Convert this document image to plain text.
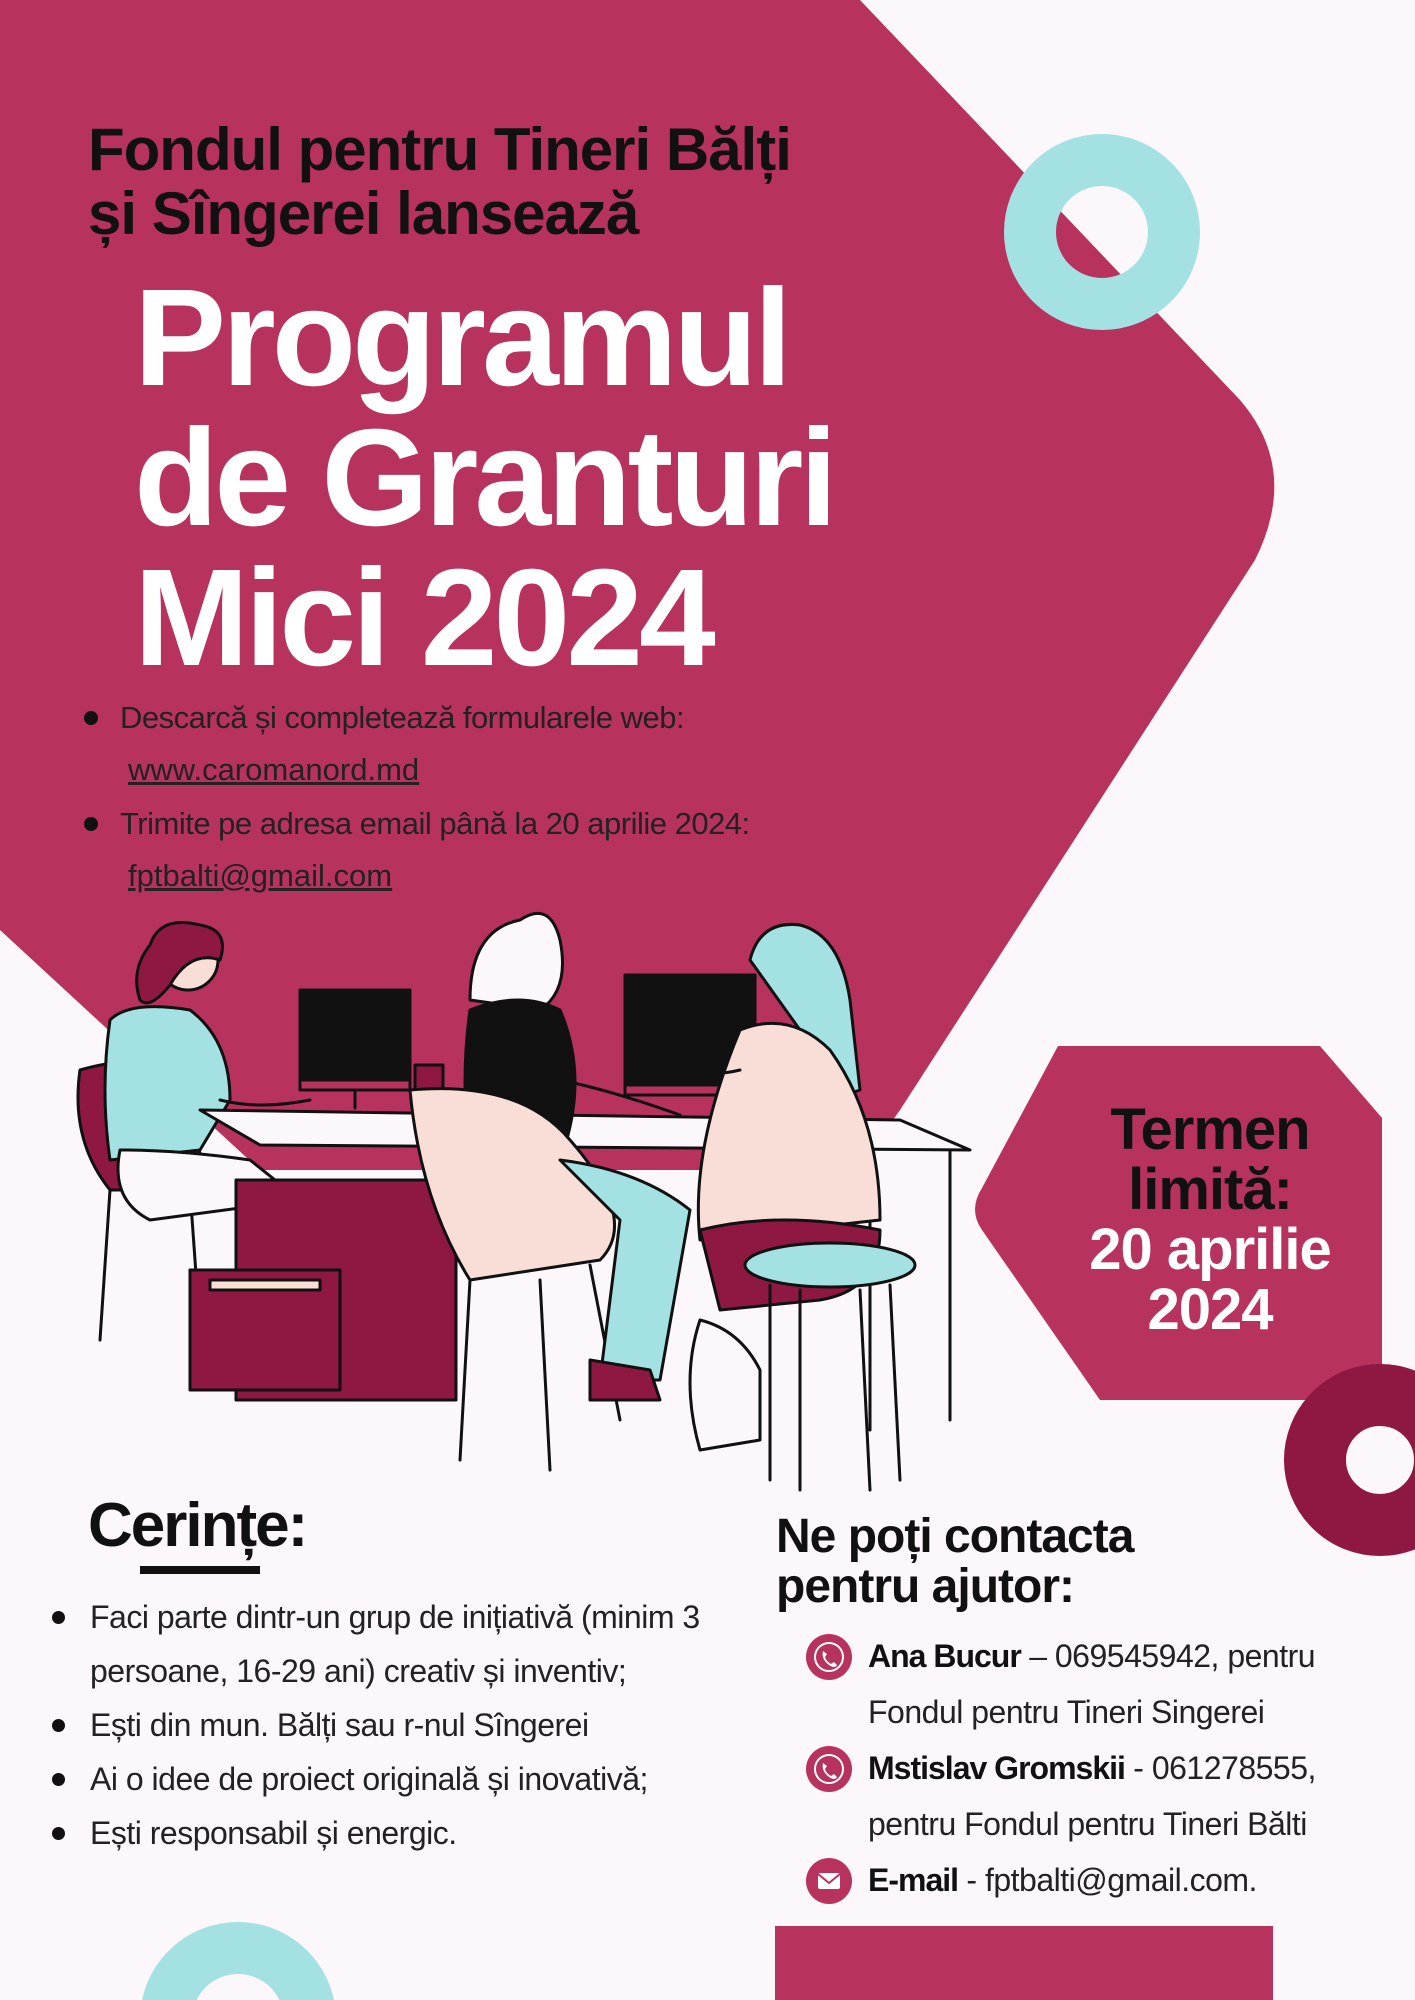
Fondul pentru Tineri Bălți
și Sîngerei lansează
Programul
de Granturi
Mici 2024
Descarcă și completează formularele web:
www.caromanord.md
Trimite pe adresa email până la 20 aprilie 2024:
fptbalti@gmail.com
Termen
limită:
20 aprilie
2024
Cerințe:
Faci parte dintr-un grup de inițiativă (minim 3 persoane, 16-29 ani) creativ și inventiv;
Ești din mun. Bălți sau r-nul Sîngerei
Ai o idee de proiect originală și inovativă;
Ești responsabil și energic.
Ne poți contacta
pentru ajutor:
Ana Bucur – 069545942, pentru Fondul pentru Tineri Singerei
Mstislav Gromskii - 061278555, pentru Fondul pentru Tineri Bălti
E-mail - fptbalti@gmail.com.
